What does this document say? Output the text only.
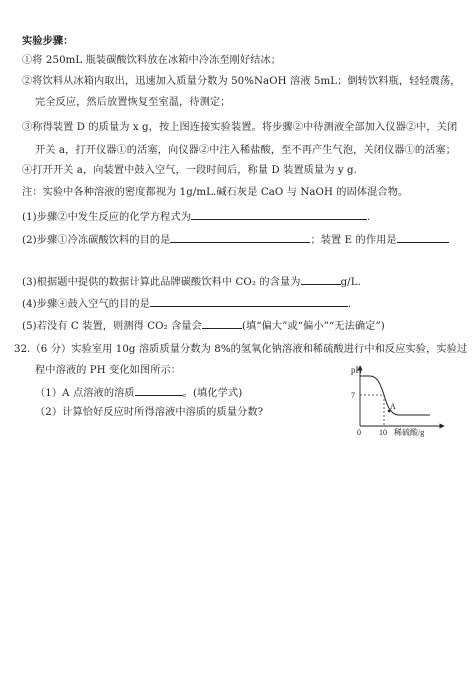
实验步骤：
①将 250mL 瓶装碳酸饮料放在冰箱中冷冻至刚好结冰；
②将饮料从冰箱内取出，迅速加入质量分数为 50%NaOH 溶液 5mL；倒转饮料瓶，轻轻震荡，
完全反应，然后放置恢复至室温，待测定；
③称得装置 D 的质量为 x g，按上图连接实验装置。将步骤②中待测液全部加入仪器②中，关闭
开关 a，打开仪器①的活塞，向仪器②中注入稀盐酸，至不再产生气泡，关闭仪器①的活塞；
④打开开关 a，向装置中鼓入空气，一段时间后，称量 D 装置质量为 y g.
注：实验中各种溶液的密度都视为 1g/mL.碱石灰是 CaO 与 NaOH 的固体混合物。
(1)步骤②中发生反应的化学方程式为	.
(2)步骤①冷冻碳酸饮料的目的是	；装置 E 的作用是
(3)根据题中提供的数据计算此品牌碳酸饮料中 CO₂ 的含量为	g/L.
(4)步骤④鼓入空气的目的是	.
(5)若没有 C 装置，则测得 CO₂ 含量会	(填“偏大”或“偏小”“无法确定”)
32.（6 分）实验室用 10g 溶质质量分数为 8%的氢氧化钠溶液和稀硫酸进行中和反应实验，实验过
程中溶液的 PH 变化如图所示：
（1）A 点溶液的溶质	。(填化学式)
（2）计算恰好反应时所得溶液中溶质的质量分数?
pH
7
0 10 稀硫酸/g
A
